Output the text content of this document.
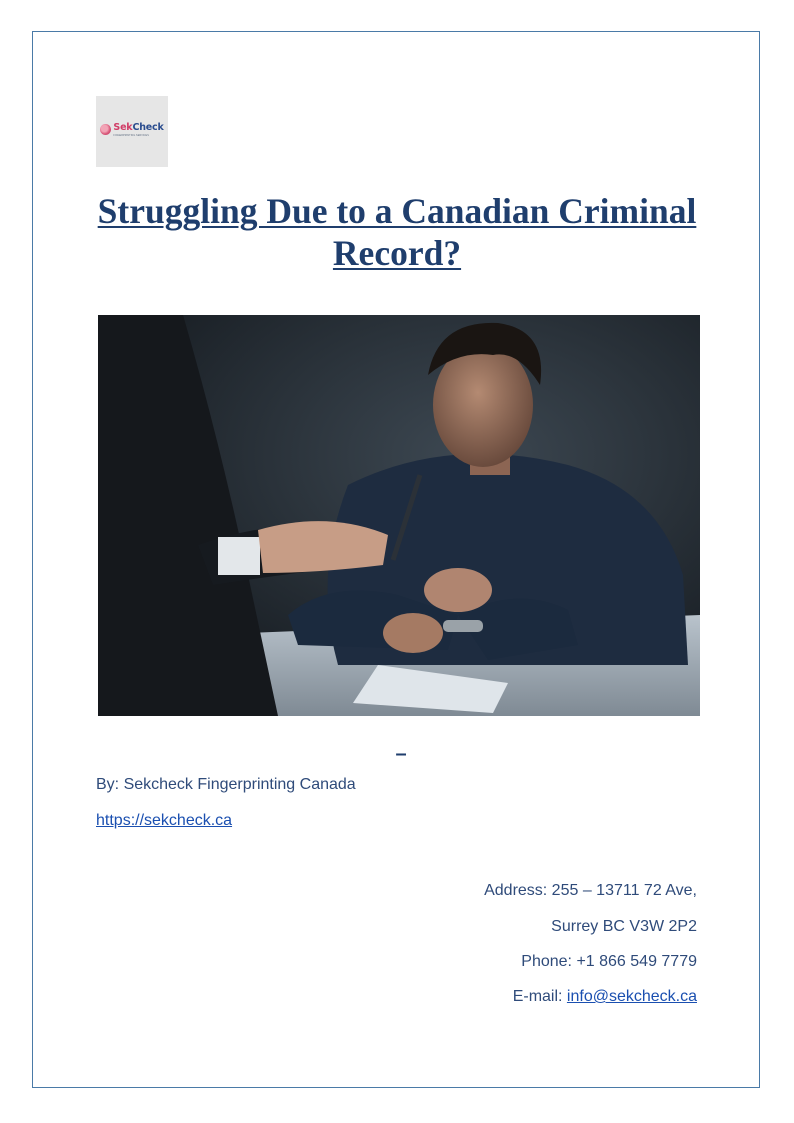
SekCheck
FINGERPRINTING SERVICES
Struggling Due to a Canadian Criminal Record?
–
By: Sekcheck Fingerprinting Canada
https://sekcheck.ca
Address: 255 – 13711 72 Ave,
Surrey BC V3W 2P2
Phone: +1 866 549 7779
E-mail: info@sekcheck.ca
